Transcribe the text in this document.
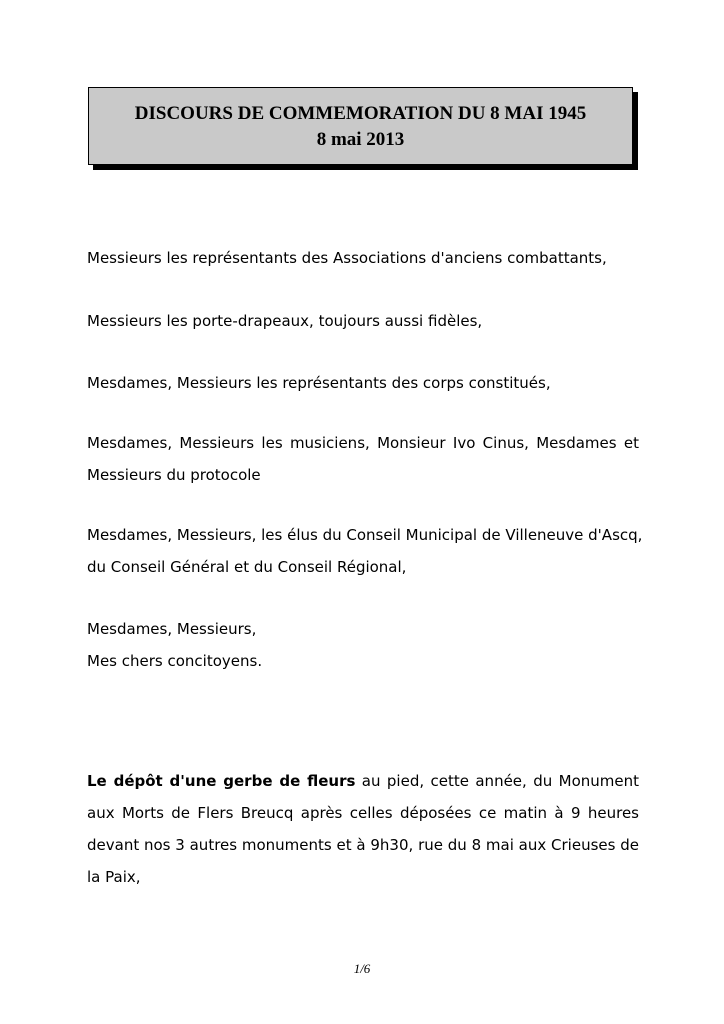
DISCOURS DE COMMEMORATION DU 8 MAI 1945
8 mai 2013

Messieurs les représentants des Associations d'anciens combattants,

Messieurs les porte-drapeaux, toujours aussi fidèles,

Mesdames, Messieurs les représentants des corps constitués,

Mesdames, Messieurs les musiciens, Monsieur Ivo Cinus, Mesdames et
Messieurs du protocole
Mesdames, Messieurs, les élus du Conseil Municipal de Villeneuve d'Ascq,
du Conseil Général et du Conseil Régional,
Mesdames, Messieurs,
Mes chers concitoyens.
Le dépôt d'une gerbe de fleurs au pied, cette année, du Monument
aux Morts de Flers Breucq après celles déposées ce matin à 9 heures
devant nos 3 autres monuments et à 9h30, rue du 8 mai aux Crieuses de
la Paix,
1/6
